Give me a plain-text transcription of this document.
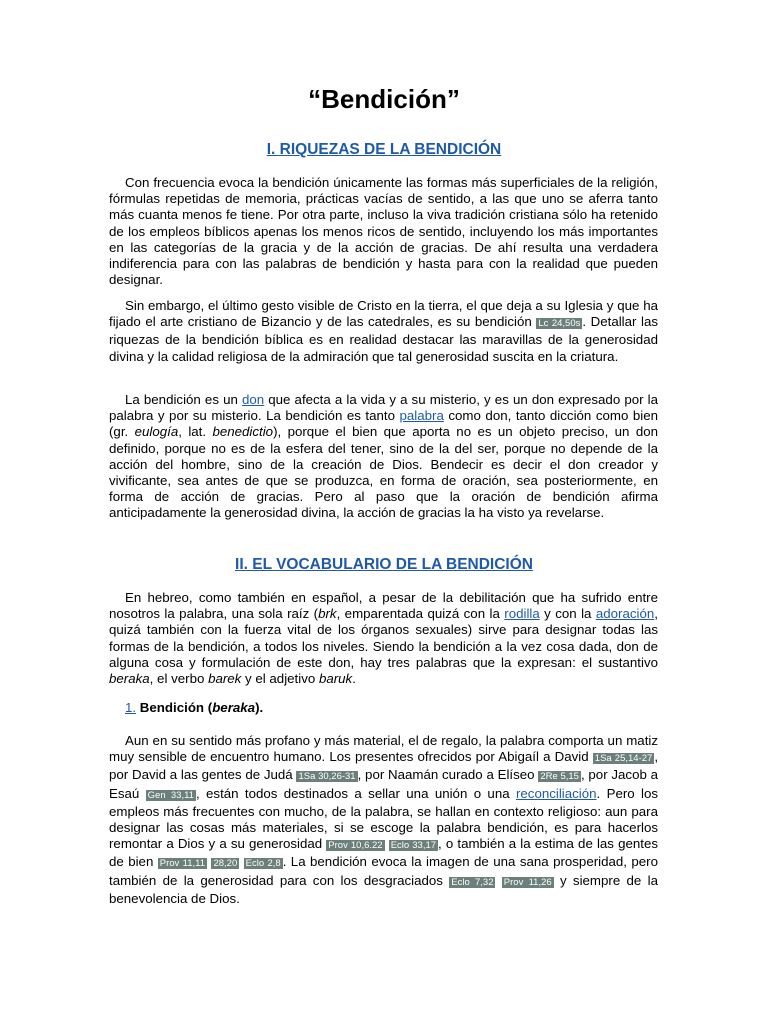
“Bendición”
I. RIQUEZAS DE LA BENDICIÓN

Con frecuencia evoca la bendición únicamente las formas más superficiales de la religión, fórmulas repetidas de memoria, prácticas vacías de sentido, a las que uno se aferra tanto más cuanta menos fe tiene. Por otra parte, incluso la viva tradición cristiana sólo ha retenido de los empleos bíblicos apenas los menos ricos de sentido, incluyendo los más importantes en las categorías de la gracia y de la acción de gracias. De ahí resulta una verdadera indiferencia para con las palabras de bendición y hasta para con la realidad que pueden designar.

Sin embargo, el último gesto visible de Cristo en la tierra, el que deja a su Iglesia y que ha fijado el arte cristiano de Bizancio y de las catedrales, es su bendición Lc 24,50s . Detallar las riquezas de la bendición bíblica es en realidad destacar las maravillas de la generosidad divina y la calidad religiosa de la admiración que tal generosidad suscita en la criatura.

La bendición es un don que afecta a la vida y a su misterio, y es un don expresado por la palabra y por su misterio. La bendición es tanto palabra como don, tanto dicción como bien (gr. eulogía, lat. benedictio), porque el bien que aporta no es un objeto preciso, un don definido, porque no es de la esfera del tener, sino de la del ser, porque no depende de la acción del hombre, sino de la creación de Dios. Bendecir es decir el don creador y vivificante, sea antes de que se produzca, en forma de oración, sea posteriormente, en forma de acción de gracias. Pero al paso que la oración de bendición afirma anticipadamente la generosidad divina, la acción de gracias la ha visto ya revelarse.

II. EL VOCABULARIO DE LA BENDICIÓN

En hebreo, como también en español, a pesar de la debilitación que ha sufrido entre nosotros la palabra, una sola raíz (brk, emparentada quizá con la rodilla y con la adoración, quizá también con la fuerza vital de los órganos sexuales) sirve para designar todas las formas de la bendición, a todos los niveles. Siendo la bendición a la vez cosa dada, don de alguna cosa y formulación de este don, hay tres palabras que la expresan: el sustantivo beraka, el verbo barek y el adjetivo baruk.

1. Bendición (beraka).

Aun en su sentido más profano y más material, el de regalo, la palabra comporta un matiz muy sensible de encuentro humano. Los presentes ofrecidos por Abigaíl a David 1Sa 25,14-27 , por David a las gentes de Judá 1Sa 30,26-31 , por Naamán curado a Elíseo 2Re 5,15 , por Jacob a Esaú Gen 33,11 , están todos destinados a sellar una unión o una reconciliación. Pero los empleos más frecuentes con mucho, de la palabra, se hallan en contexto religioso: aun para designar las cosas más materiales, si se escoge la palabra bendición, es para hacerlos remontar a Dios y a su generosidad Prov 10,6.22 Eclo 33,17 , o también a la estima de las gentes de bien Prov 11,11 28,20 Eclo 2,8 . La bendición evoca la imagen de una sana prosperidad, pero también de la generosidad para con los desgraciados Eclo 7,32 Prov 11,26 y siempre de la benevolencia de Dios.
